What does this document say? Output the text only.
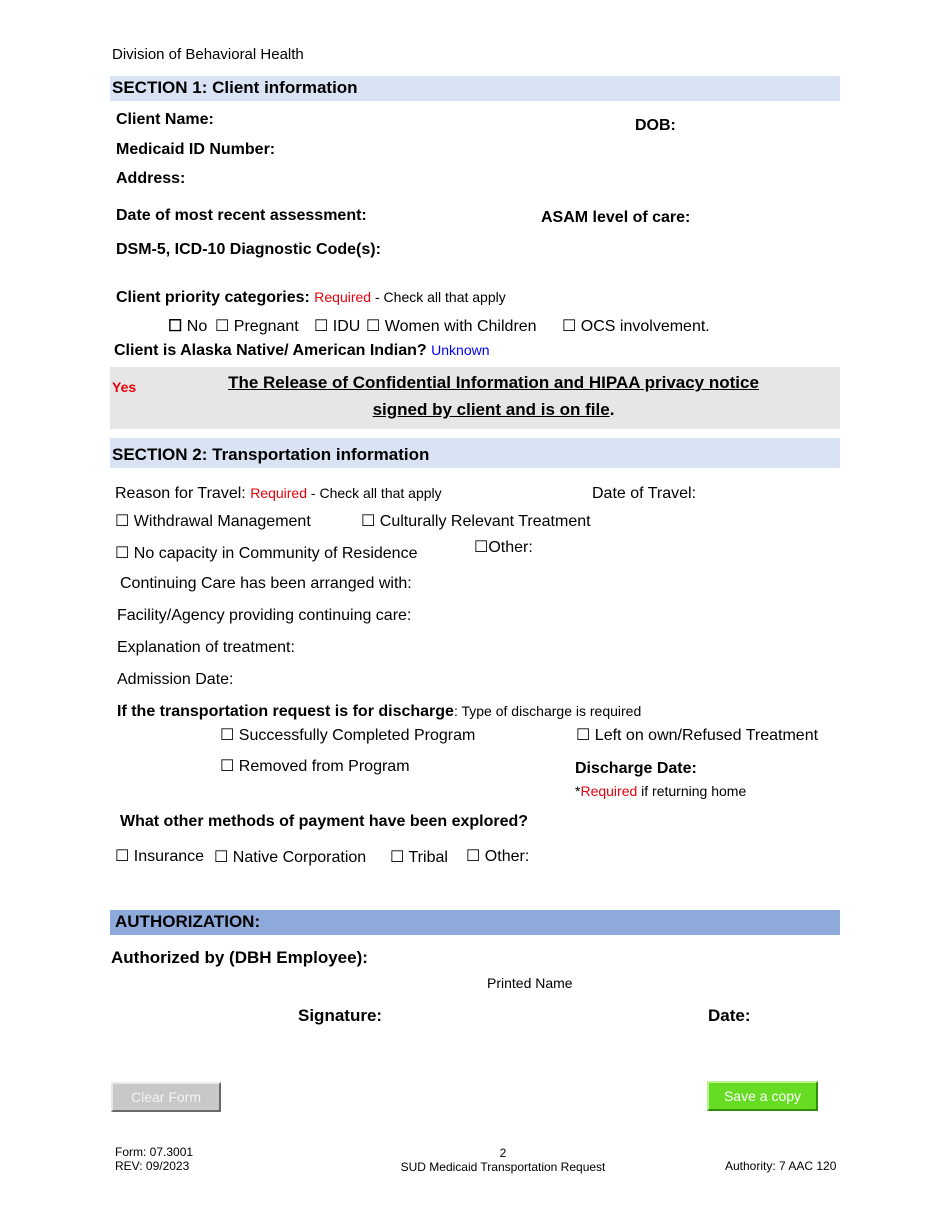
Division of Behavioral Health
SECTION 1: Client information
Client Name:	DOB:
Medicaid ID Number:
Address:
Date of most recent assessment:	ASAM level of care:
DSM-5, ICD-10 Diagnostic Code(s):
Client priority categories: Required - Check all that apply
☐ No ☐ Pregnant ☐ IDU ☐ Women with Children ☐ OCS involvement.
Client is Alaska Native/ American Indian? Unknown
Yes	The Release of Confidential Information and HIPAA privacy notice
signed by client and is on file.
SECTION 2: Transportation information
Reason for Travel: Required - Check all that apply	Date of Travel:
☐ Withdrawal Management	☐ Culturally Relevant Treatment
☐ No capacity in Community of Residence	☐Other:
Continuing Care has been arranged with:
Facility/Agency providing continuing care:
Explanation of treatment:
Admission Date:
If the transportation request is for discharge: Type of discharge is required
☐ Successfully Completed Program	☐ Left on own/Refused Treatment
☐ Removed from Program	Discharge Date:
*Required if returning home
What other methods of payment have been explored?
☐ Insurance ☐ Native Corporation ☐ Tribal ☐ Other:
AUTHORIZATION:
Authorized by (DBH Employee):
Printed Name
Signature:	Date:
Clear Form	Save a copy
Form: 07.3001
REV: 09/2023
2
SUD Medicaid Transportation Request	Authority: 7 AAC 120
